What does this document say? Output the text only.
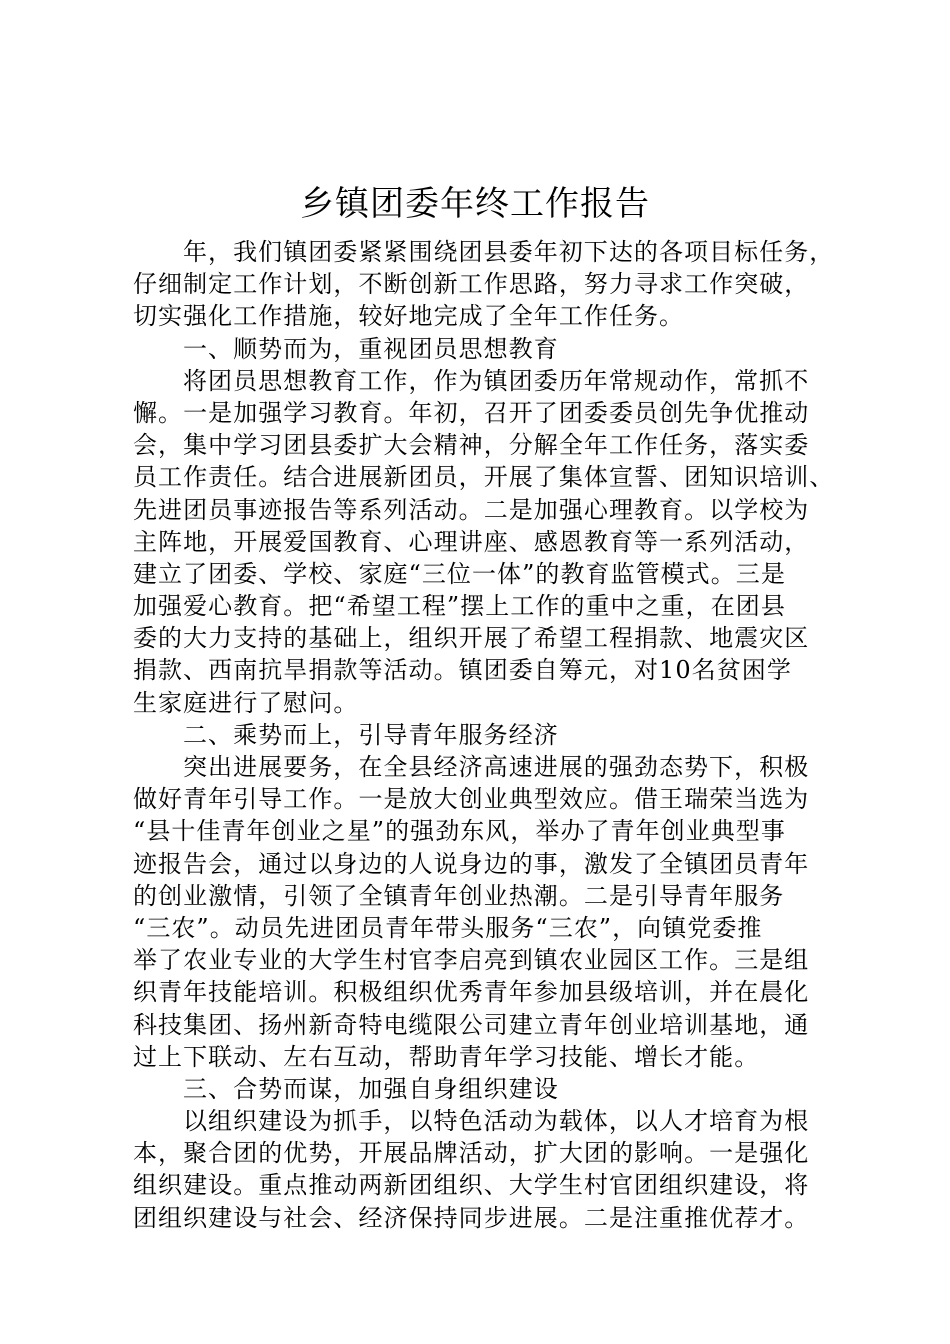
乡镇团委年终工作报告
年，我们镇团委紧紧围绕团县委年初下达的各项目标任务，
仔细制定工作计划，不断创新工作思路，努力寻求工作突破，
切实强化工作措施，较好地完成了全年工作任务。
一、顺势而为，重视团员思想教育
将团员思想教育工作，作为镇团委历年常规动作，常抓不
懈。一是加强学习教育。年初，召开了团委委员创先争优推动
会，集中学习团县委扩大会精神，分解全年工作任务，落实委
员工作责任。结合进展新团员，开展了集体宣誓、团知识培训、
先进团员事迹报告等系列活动。二是加强心理教育。以学校为
主阵地，开展爱国教育、心理讲座、感恩教育等一系列活动，
建立了团委、学校、家庭“三位一体”的教育监管模式。三是
加强爱心教育。把“希望工程”摆上工作的重中之重，在团县
委的大力支持的基础上，组织开展了希望工程捐款、地震灾区
捐款、西南抗旱捐款等活动。镇团委自筹元，对10名贫困学
生家庭进行了慰问。
二、乘势而上，引导青年服务经济
突出进展要务，在全县经济高速进展的强劲态势下，积极
做好青年引导工作。一是放大创业典型效应。借王瑞荣当选为
“县十佳青年创业之星”的强劲东风，举办了青年创业典型事
迹报告会，通过以身边的人说身边的事，激发了全镇团员青年
的创业激情，引领了全镇青年创业热潮。二是引导青年服务
“三农”。动员先进团员青年带头服务“三农”，向镇党委推
举了农业专业的大学生村官李启亮到镇农业园区工作。三是组
织青年技能培训。积极组织优秀青年参加县级培训，并在晨化
科技集团、扬州新奇特电缆限公司建立青年创业培训基地，通
过上下联动、左右互动，帮助青年学习技能、增长才能。
三、合势而谋，加强自身组织建设
以组织建设为抓手，以特色活动为载体，以人才培育为根
本，聚合团的优势，开展品牌活动，扩大团的影响。一是强化
组织建设。重点推动两新团组织、大学生村官团组织建设，将
团组织建设与社会、经济保持同步进展。二是注重推优荐才。
